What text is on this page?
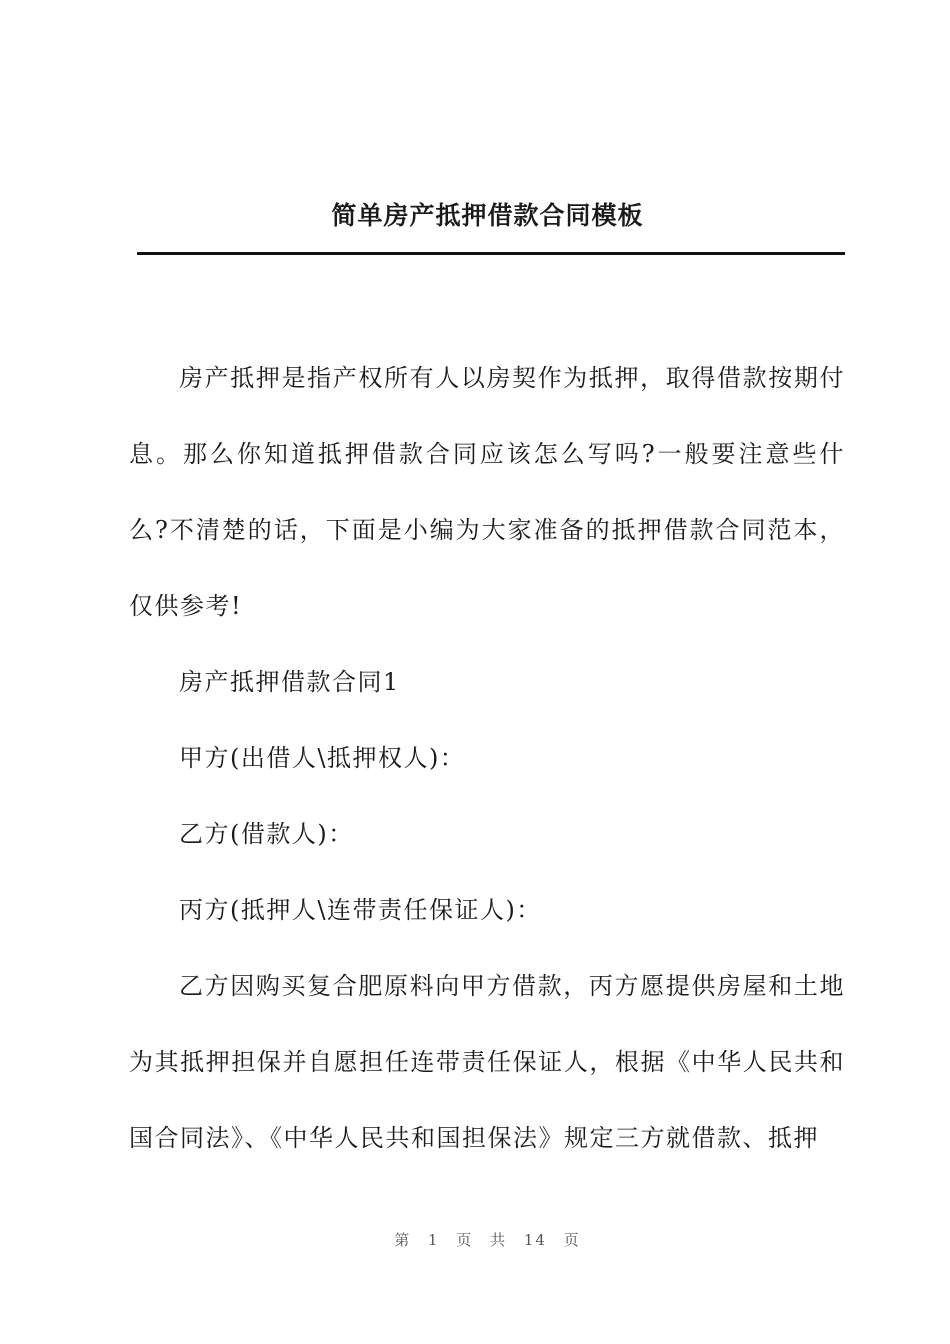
简单房产抵押借款合同模板

房产抵押是指产权所有人以房契作为抵押，取得借款按期付息。那么你知道抵押借款合同应该怎么写吗?一般要注意些什么?不清楚的话，下面是小编为大家准备的抵押借款合同范本，仅供参考!

房产抵押借款合同1

甲方(出借人\抵押权人)：

乙方(借款人)：

丙方(抵押人\连带责任保证人)：

乙方因购买复合肥原料向甲方借款，丙方愿提供房屋和土地为其抵押担保并自愿担任连带责任保证人，根据《中华人民共和国合同法》、《中华人民共和国担保法》规定三方就借款、抵押

第 1 页 共 14 页
